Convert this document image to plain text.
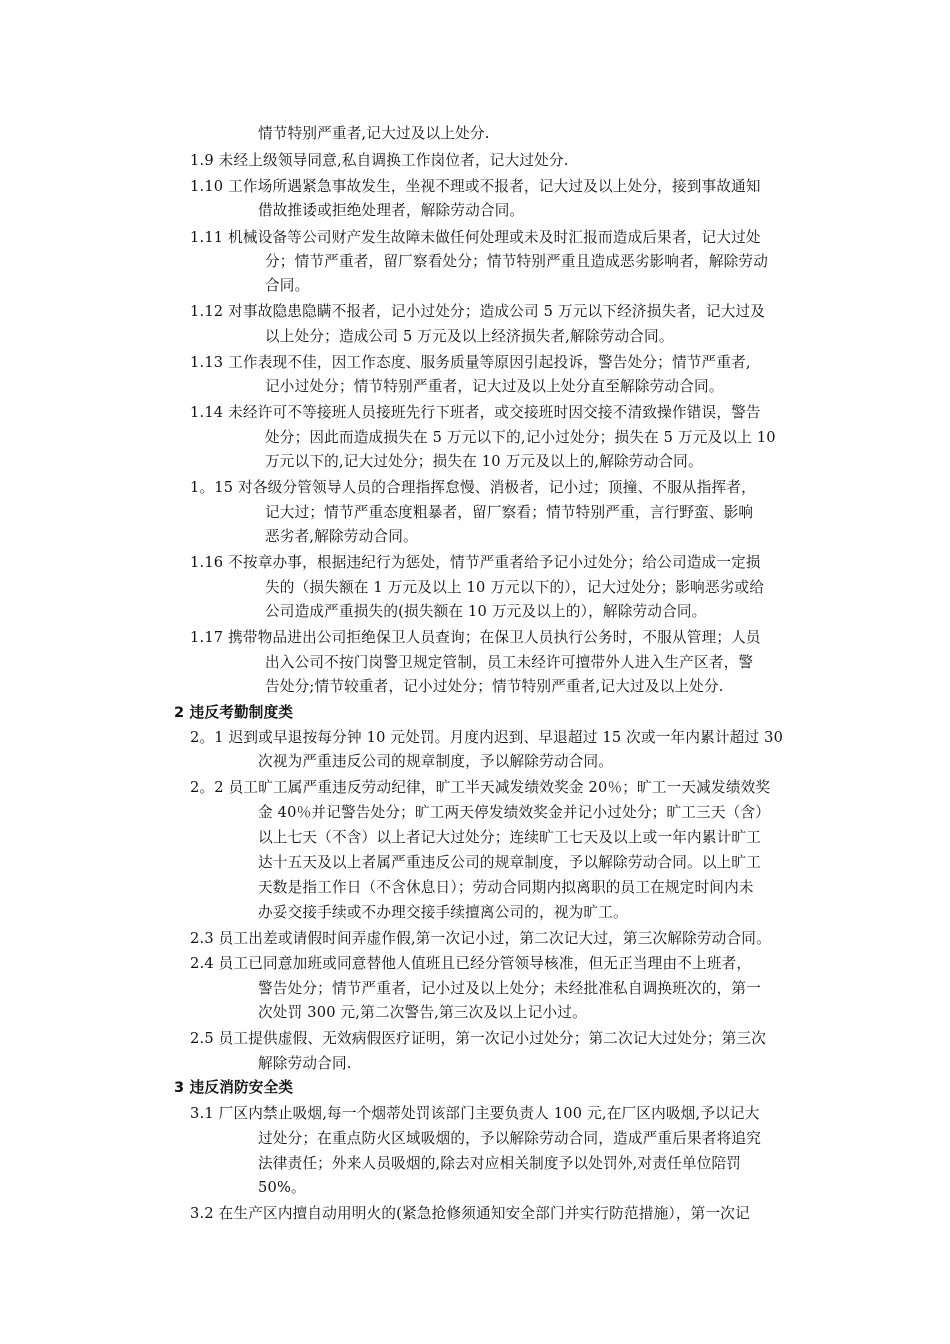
情节特别严重者,记大过及以上处分.
1.9 未经上级领导同意,私自调换工作岗位者，记大过处分.
1.10 工作场所遇紧急事故发生，坐视不理或不报者，记大过及以上处分，接到事故通知
借故推诿或拒绝处理者，解除劳动合同。
1.11 机械设备等公司财产发生故障未做任何处理或未及时汇报而造成后果者，记大过处
分；情节严重者，留厂察看处分；情节特别严重且造成恶劣影响者，解除劳动
合同。
1.12 对事故隐患隐瞒不报者，记小过处分；造成公司 5 万元以下经济损失者，记大过及
以上处分；造成公司 5 万元及以上经济损失者,解除劳动合同。
1.13 工作表现不佳，因工作态度、服务质量等原因引起投诉，警告处分；情节严重者,
记小过处分；情节特别严重者，记大过及以上处分直至解除劳动合同。
1.14 未经许可不等接班人员接班先行下班者，或交接班时因交接不清致操作错误，警告
处分；因此而造成损失在 5 万元以下的,记小过处分；损失在 5 万元及以上 10
万元以下的,记大过处分；损失在 10 万元及以上的,解除劳动合同。
1。15 对各级分管领导人员的合理指挥怠慢、消极者，记小过；顶撞、不服从指挥者，
记大过；情节严重态度粗暴者，留厂察看；情节特别严重，言行野蛮、影响
恶劣者,解除劳动合同。
1.16 不按章办事，根据违纪行为惩处，情节严重者给予记小过处分；给公司造成一定损
失的（损失额在 1 万元及以上 10 万元以下的），记大过处分；影响恶劣或给
公司造成严重损失的(损失额在 10 万元及以上的），解除劳动合同。
1.17 携带物品进出公司拒绝保卫人员查询；在保卫人员执行公务时，不服从管理；人员
出入公司不按门岗警卫规定管制，员工未经许可擅带外人进入生产区者，警
告处分;情节较重者，记小过处分；情节特别严重者,记大过及以上处分.
2 违反考勤制度类
2。1 迟到或早退按每分钟 10 元处罚。月度内迟到、早退超过 15 次或一年内累计超过 30
次视为严重违反公司的规章制度，予以解除劳动合同。
2。2 员工旷工属严重违反劳动纪律，旷工半天减发绩效奖金 20％；旷工一天减发绩效奖
金 40％并记警告处分；旷工两天停发绩效奖金并记小过处分；旷工三天（含）
以上七天（不含）以上者记大过处分；连续旷工七天及以上或一年内累计旷工
达十五天及以上者属严重违反公司的规章制度，予以解除劳动合同。以上旷工
天数是指工作日（不含休息日）；劳动合同期内拟离职的员工在规定时间内未
办妥交接手续或不办理交接手续擅离公司的，视为旷工。
2.3 员工出差或请假时间弄虚作假,第一次记小过，第二次记大过，第三次解除劳动合同。
2.4 员工已同意加班或同意替他人值班且已经分管领导核准，但无正当理由不上班者，
警告处分；情节严重者，记小过及以上处分；未经批准私自调换班次的，第一
次处罚 300 元,第二次警告,第三次及以上记小过。
2.5 员工提供虚假、无效病假医疗证明，第一次记小过处分；第二次记大过处分；第三次
解除劳动合同.
3 违反消防安全类
3.1 厂区内禁止吸烟,每一个烟蒂处罚该部门主要负责人 100 元,在厂区内吸烟,予以记大
过处分；在重点防火区域吸烟的，予以解除劳动合同，造成严重后果者将追究
法律责任；外来人员吸烟的,除去对应相关制度予以处罚外,对责任单位陪罚
50%。
3.2 在生产区内擅自动用明火的(紧急抢修须通知安全部门并实行防范措施），第一次记
